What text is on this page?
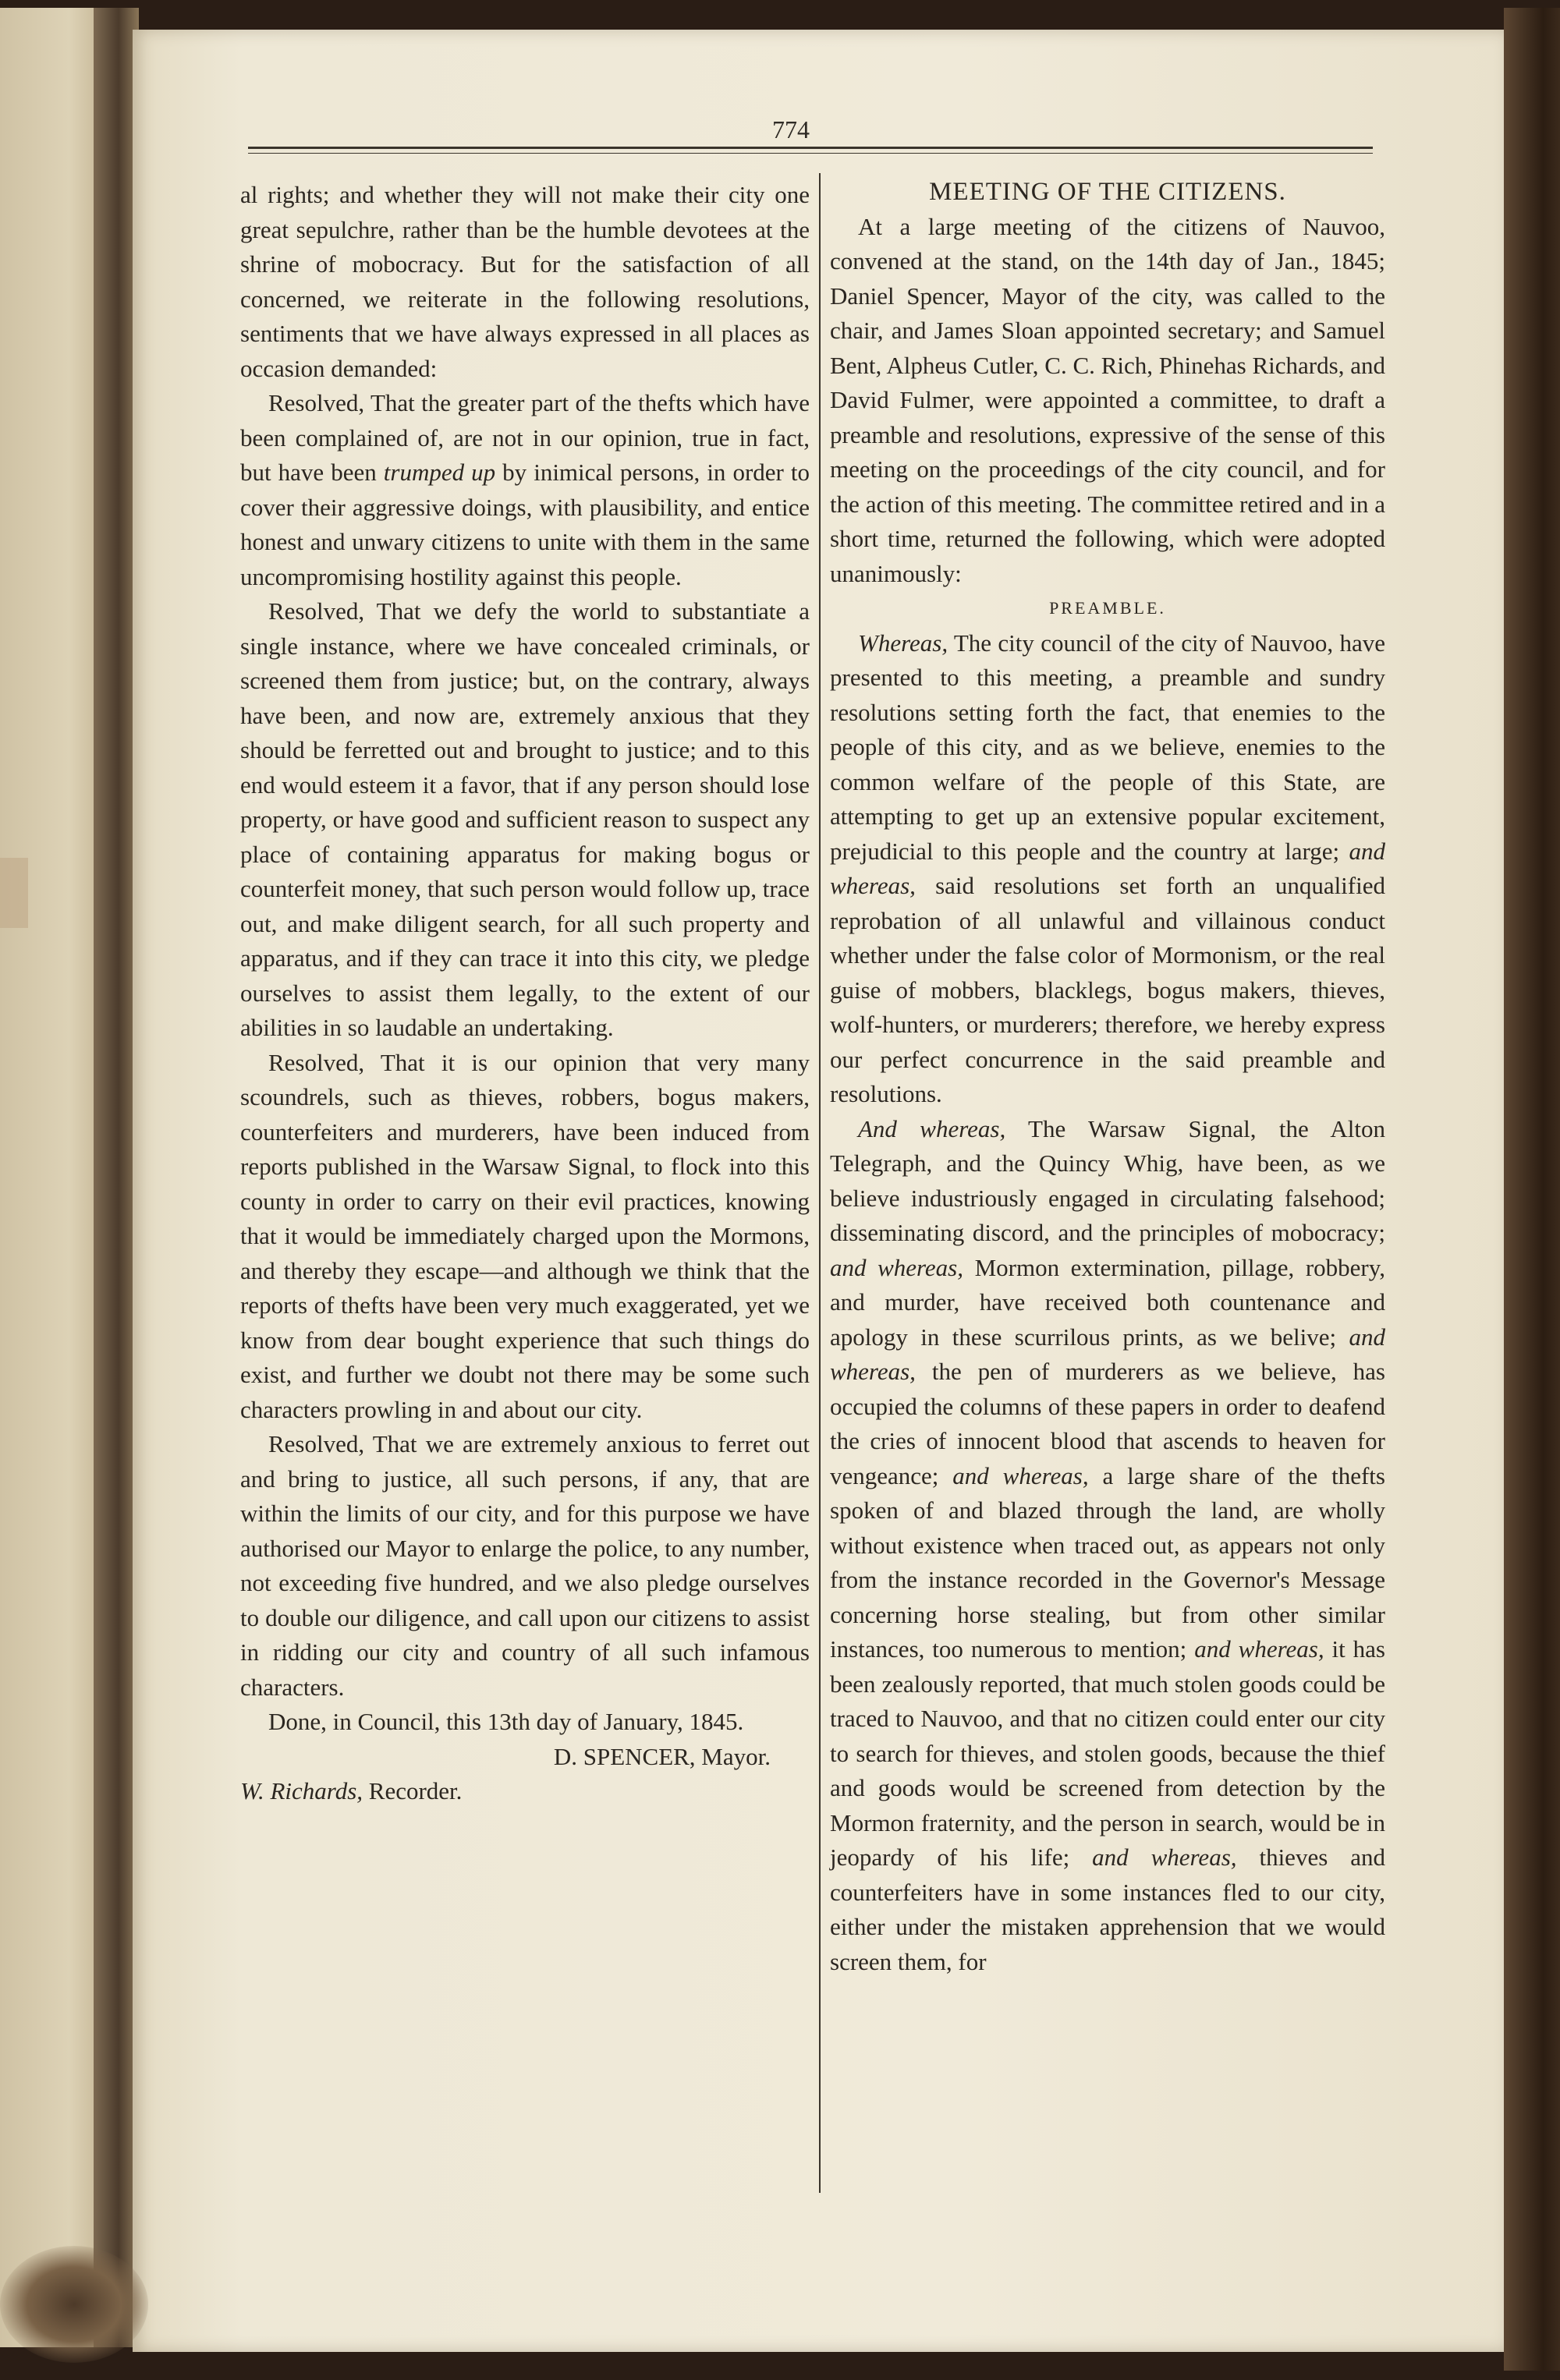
774

al rights; and whether they will not make their city one great sepulchre, rather than be the humble devotees at the shrine of mobocracy. But for the satisfaction of all concerned, we reiterate in the following resolutions, sentiments that we have always expressed in all places as occasion demanded:

Resolved, That the greater part of the thefts which have been complained of, are not in our opinion, true in fact, but have been trumped up by inimical persons, in order to cover their aggressive doings, with plausibility, and entice honest and unwary citizens to unite with them in the same uncompromising hostility against this people.

Resolved, That we defy the world to substantiate a single instance, where we have concealed criminals, or screened them from justice; but, on the contrary, always have been, and now are, extremely anxious that they should be ferretted out and brought to justice; and to this end would esteem it a favor, that if any person should lose property, or have good and sufficient reason to suspect any place of containing apparatus for making bogus or counterfeit money, that such person would follow up, trace out, and make diligent search, for all such property and apparatus, and if they can trace it into this city, we pledge ourselves to assist them legally, to the extent of our abilities in so laudable an undertaking.

Resolved, That it is our opinion that very many scoundrels, such as thieves, robbers, bogus makers, counterfeiters and murderers, have been induced from reports published in the Warsaw Signal, to flock into this county in order to carry on their evil practices, knowing that it would be immediately charged upon the Mormons, and thereby they escape—and although we think that the reports of thefts have been very much exaggerated, yet we know from dear bought experience that such things do exist, and further we doubt not there may be some such characters prowling in and about our city.

Resolved, That we are extremely anxious to ferret out and bring to justice, all such persons, if any, that are within the limits of our city, and for this purpose we have authorised our Mayor to enlarge the police, to any number, not exceeding five hundred, and we also pledge ourselves to double our diligence, and call upon our citizens to assist in ridding our city and country of all such infamous characters.

Done, in Council, this 13th day of January, 1845.

D. SPENCER, Mayor.

W. Richards, Recorder.

MEETING OF THE CITIZENS.

At a large meeting of the citizens of Nauvoo, convened at the stand, on the 14th day of Jan., 1845; Daniel Spencer, Mayor of the city, was called to the chair, and James Sloan appointed secretary; and Samuel Bent, Alpheus Cutler, C. C. Rich, Phinehas Richards, and David Fulmer, were appointed a committee, to draft a preamble and resolutions, expressive of the sense of this meeting on the proceedings of the city council, and for the action of this meeting. The committee retired and in a short time, returned the following, which were adopted unanimously:

PREAMBLE.

Whereas, The city council of the city of Nauvoo, have presented to this meeting, a preamble and sundry resolutions setting forth the fact, that enemies to the people of this city, and as we believe, enemies to the common welfare of the people of this State, are attempting to get up an extensive popular excitement, prejudicial to this people and the country at large; and whereas, said resolutions set forth an unqualified reprobation of all unlawful and villainous conduct whether under the false color of Mormonism, or the real guise of mobbers, blacklegs, bogus makers, thieves, wolf-hunters, or murderers; therefore, we hereby express our perfect concurrence in the said preamble and resolutions.

And whereas, The Warsaw Signal, the Alton Telegraph, and the Quincy Whig, have been, as we believe industriously engaged in circulating falsehood; disseminating discord, and the principles of mobocracy; and whereas, Mormon extermination, pillage, robbery, and murder, have received both countenance and apology in these scurrilous prints, as we belive; and whereas, the pen of murderers as we believe, has occupied the columns of these papers in order to deafend the cries of innocent blood that ascends to heaven for vengeance; and whereas, a large share of the thefts spoken of and blazed through the land, are wholly without existence when traced out, as appears not only from the instance recorded in the Governor's Message concerning horse stealing, but from other similar instances, too numerous to mention; and whereas, it has been zealously reported, that much stolen goods could be traced to Nauvoo, and that no citizen could enter our city to search for thieves, and stolen goods, because the thief and goods would be screened from detection by the Mormon fraternity, and the person in search, would be in jeopardy of his life; and whereas, thieves and counterfeiters have in some instances fled to our city, either under the mistaken apprehension that we would screen them, for
